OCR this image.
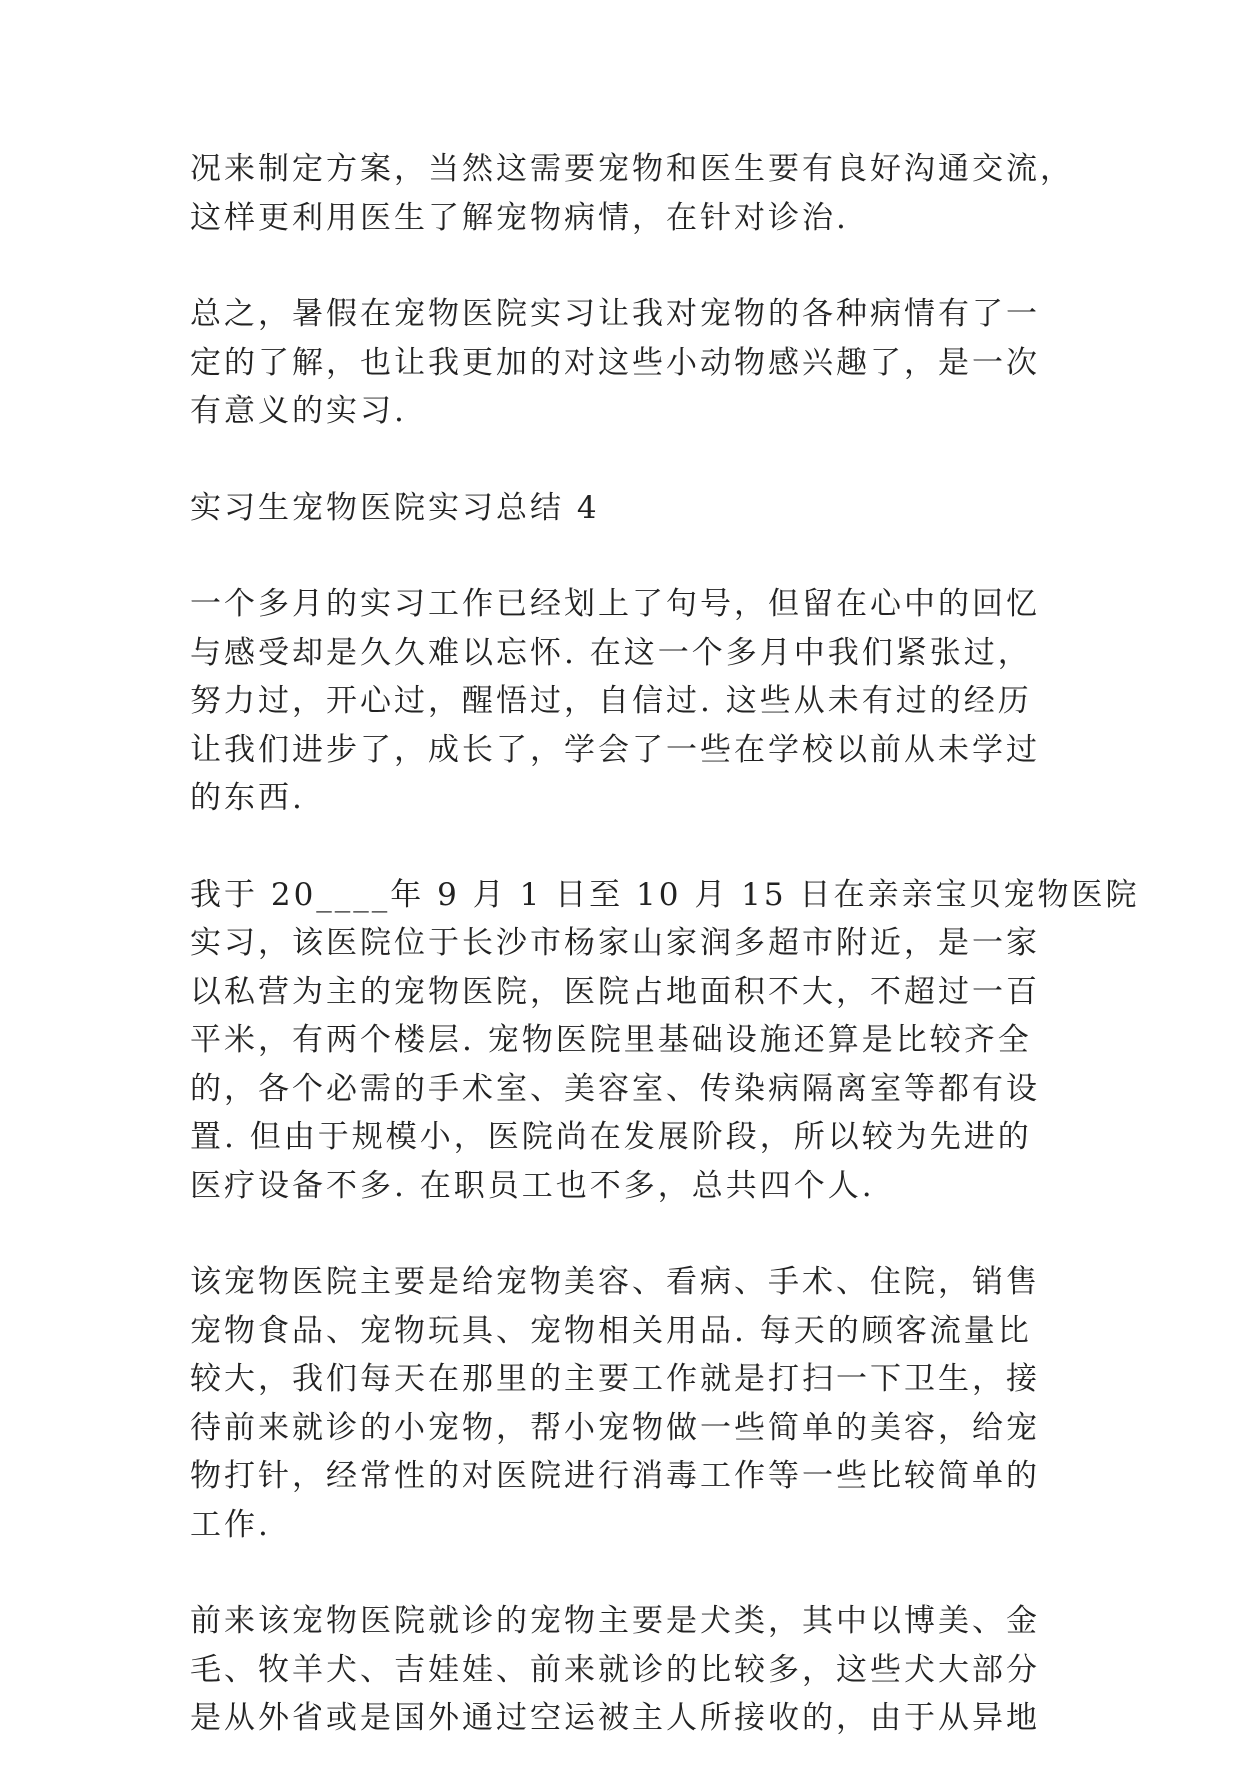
况来制定方案，当然这需要宠物和医生要有良好沟通交流，
这样更利用医生了解宠物病情，在针对诊治.
总之，暑假在宠物医院实习让我对宠物的各种病情有了一
定的了解，也让我更加的对这些小动物感兴趣了，是一次
有意义的实习.
实习生宠物医院实习总结 4
一个多月的实习工作已经划上了句号，但留在心中的回忆
与感受却是久久难以忘怀. 在这一个多月中我们紧张过，
努力过，开心过，醒悟过，自信过. 这些从未有过的经历
让我们进步了，成长了，学会了一些在学校以前从未学过
的东西.
我于 20____年 9 月 1 日至 10 月 15 日在亲亲宝贝宠物医院
实习，该医院位于长沙市杨家山家润多超市附近，是一家
以私营为主的宠物医院，医院占地面积不大，不超过一百
平米，有两个楼层. 宠物医院里基础设施还算是比较齐全
的，各个必需的手术室、美容室、传染病隔离室等都有设
置. 但由于规模小，医院尚在发展阶段，所以较为先进的
医疗设备不多. 在职员工也不多，总共四个人.
该宠物医院主要是给宠物美容、看病、手术、住院，销售
宠物食品、宠物玩具、宠物相关用品. 每天的顾客流量比
较大，我们每天在那里的主要工作就是打扫一下卫生，接
待前来就诊的小宠物，帮小宠物做一些简单的美容，给宠
物打针，经常性的对医院进行消毒工作等一些比较简单的
工作.
前来该宠物医院就诊的宠物主要是犬类，其中以博美、金
毛、牧羊犬、吉娃娃、前来就诊的比较多，这些犬大部分
是从外省或是国外通过空运被主人所接收的，由于从异地
